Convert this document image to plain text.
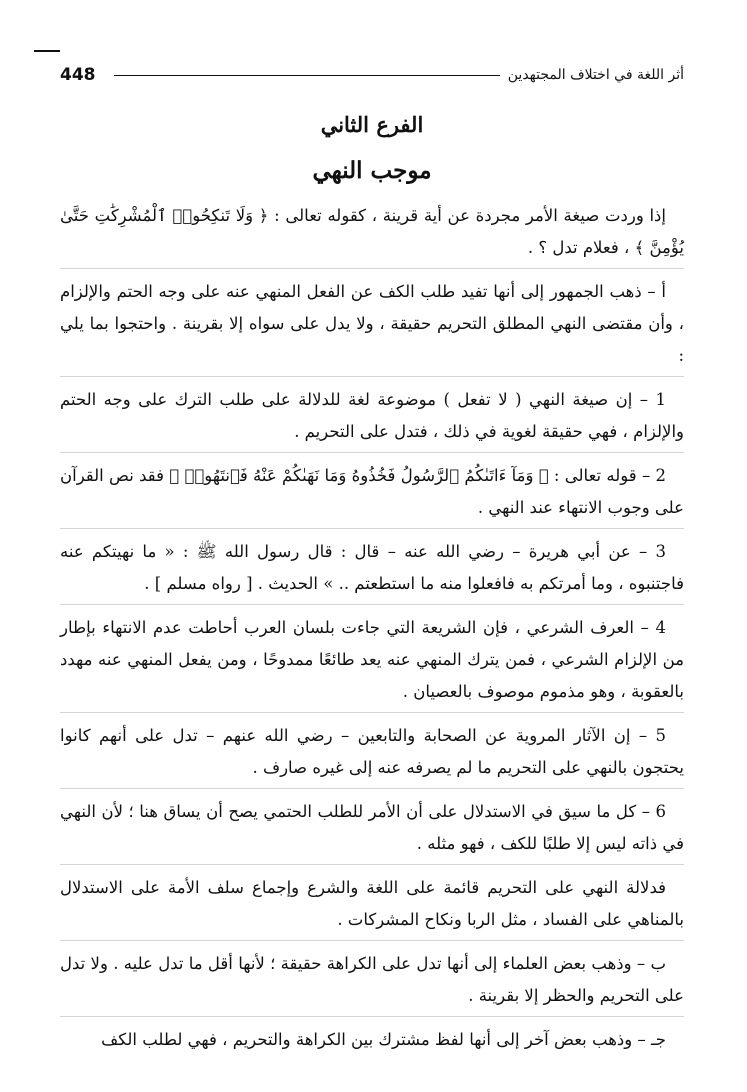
448	أثر اللغة في اختلاف المجتهدين
الفرع الثاني
موجب النهي

إذا وردت صيغة الأمر مجردة عن أية قرينة ، كقوله تعالى : ﴿ وَلَا تَنكِحُوا۟ ٱلْمُشْرِكَٰتِ حَتَّىٰ يُؤْمِنَّ ﴾ ، فعلام تدل ؟ .

أ – ذهب الجمهور إلى أنها تفيد طلب الكف عن الفعل المنهي عنه على وجه الحتم والإلزام ، وأن مقتضى النهي المطلق التحريم حقيقة ، ولا يدل على سواه إلا بقرينة . واحتجوا بما يلي :

1 – إن صيغة النهي ( لا تفعل ) موضوعة لغة للدلالة على طلب الترك على وجه الحتم والإلزام ، فهي حقيقة لغوية في ذلك ، فتدل على التحريم .

2 – قوله تعالى : ﴿ وَمَآ ءَاتَىٰكُمُ ٱلرَّسُولُ فَخُذُوهُ وَمَا نَهَىٰكُمْ عَنْهُ فَٱنتَهُوا۟ ﴾ فقد نص القرآن على وجوب الانتهاء عند النهي .

3 – عن أبي هريرة – رضي الله عنه – قال : قال رسول الله ﷺ : « ما نهيتكم عنه فاجتنبوه ، وما أمرتكم به فافعلوا منه ما استطعتم .. » الحديث . [ رواه مسلم ] .

4 – العرف الشرعي ، فإن الشريعة التي جاءت بلسان العرب أحاطت عدم الانتهاء بإطار من الإلزام الشرعي ، فمن يترك المنهي عنه يعد طائعًا ممدوحًا ، ومن يفعل المنهي عنه مهدد بالعقوبة ، وهو مذموم موصوف بالعصيان .

5 – إن الآثار المروية عن الصحابة والتابعين – رضي الله عنهم – تدل على أنهم كانوا يحتجون بالنهي على التحريم ما لم يصرفه عنه إلى غيره صارف .

6 – كل ما سيق في الاستدلال على أن الأمر للطلب الحتمي يصح أن يساق هنا ؛ لأن النهي في ذاته ليس إلا طلبًا للكف ، فهو مثله .

فدلالة النهي على التحريم قائمة على اللغة والشرع وإجماع سلف الأمة على الاستدلال بالمناهي على الفساد ، مثل الربا ونكاح المشركات .

ب – وذهب بعض العلماء إلى أنها تدل على الكراهة حقيقة ؛ لأنها أقل ما تدل عليه . ولا تدل على التحريم والحظر إلا بقرينة .

جـ – وذهب بعض آخر إلى أنها لفظ مشترك بين الكراهة والتحريم ، فهي لطلب الكف
